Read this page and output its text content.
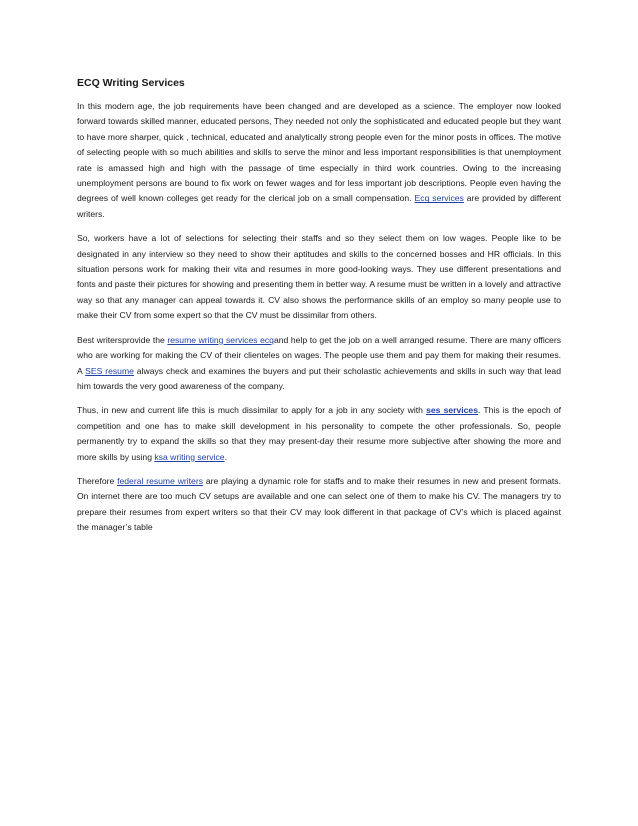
ECQ Writing Services

In this modern age, the job requirements have been changed and are developed as a science. The employer now looked forward towards skilled manner, educated persons, They needed not only the sophisticated and educated people but they want to have more sharper, quick , technical, educated and analytically strong people even for the minor posts in offices. The motive of selecting people with so much abilities and skills to serve the minor and less important responsibilities is that unemployment rate is amassed high and high with the passage of time especially in third work countries. Owing to the increasing unemployment persons are bound to fix work on fewer wages and for less important job descriptions. People even having the degrees of well known colleges get ready for the clerical job on a small compensation. Ecq services are provided by different writers.

So, workers have a lot of selections for selecting their staffs and so they select them on low wages. People like to be designated in any interview so they need to show their aptitudes and skills to the concerned bosses and HR officials. In this situation persons work for making their vita and resumes in more good-looking ways. They use different presentations and fonts and paste their pictures for showing and presenting them in better way. A resume must be written in a lovely and attractive way so that any manager can appeal towards it. CV also shows the performance skills of an employ so many people use to make their CV from some expert so that the CV must be dissimilar from others.

Best writersprovide the resume writing services ecqand help to get the job on a well arranged resume. There are many officers who are working for making the CV of their clienteles on wages. The people use them and pay them for making their resumes. A SES resume always check and examines the buyers and put their scholastic achievements and skills in such way that lead him towards the very good awareness of the company.

Thus, in new and current life this is much dissimilar to apply for a job in any society with ses services. This is the epoch of competition and one has to make skill development in his personality to compete the other professionals. So, people permanently try to expand the skills so that they may present-day their resume more subjective after showing the more and more skills by using ksa writing service.

Therefore federal resume writers are playing a dynamic role for staffs and to make their resumes in new and present formats. On internet there are too much CV setups are available and one can select one of them to make his CV. The managers try to prepare their resumes from expert writers so that their CV may look different in that package of CV’s which is placed against the manager’s table
